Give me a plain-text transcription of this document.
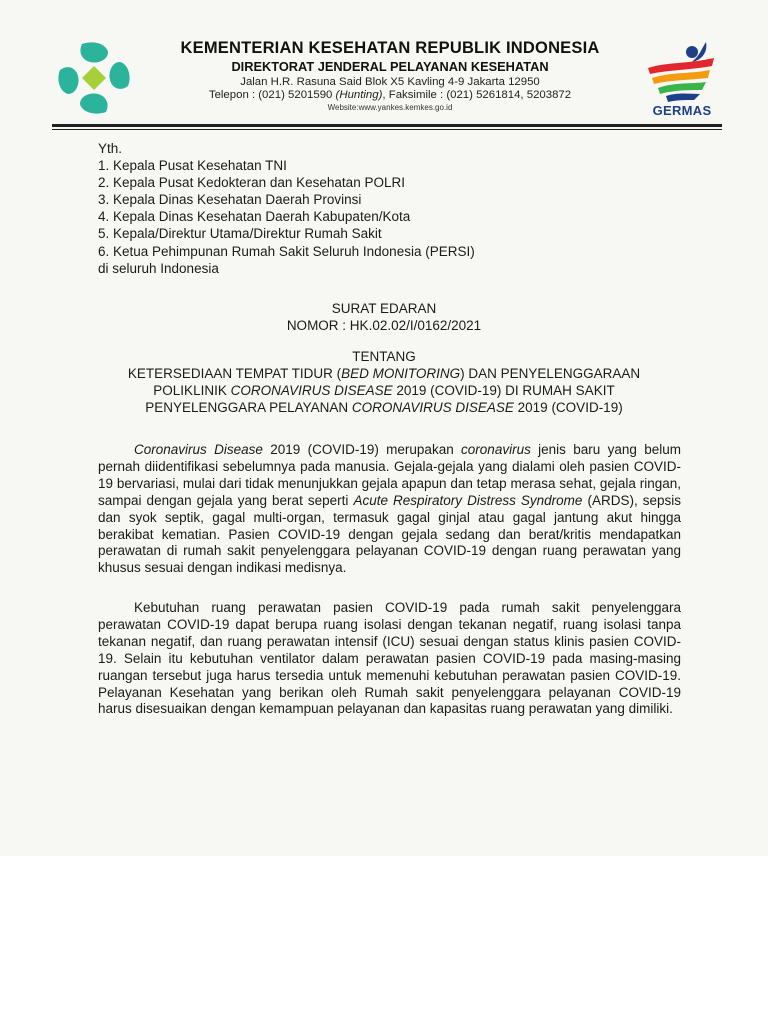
KEMENTERIAN KESEHATAN REPUBLIK INDONESIA
DIREKTORAT JENDERAL PELAYANAN KESEHATAN
Jalan H.R. Rasuna Said Blok X5 Kavling 4-9 Jakarta 12950
Telepon : (021) 5201590 (Hunting), Faksimile : (021) 5261814, 5203872
Website:www.yankes.kemkes.go.id	GERMAS
Yth.
1. Kepala Pusat Kesehatan TNI
2. Kepala Pusat Kedokteran dan Kesehatan POLRI
3. Kepala Dinas Kesehatan Daerah Provinsi
4. Kepala Dinas Kesehatan Daerah Kabupaten/Kota
5. Kepala/Direktur Utama/Direktur Rumah Sakit
6. Ketua Pehimpunan Rumah Sakit Seluruh Indonesia (PERSI)
di seluruh Indonesia
SURAT EDARAN
NOMOR : HK.02.02/I/0162/2021
TENTANG
KETERSEDIAAN TEMPAT TIDUR (BED MONITORING) DAN PENYELENGGARAAN
POLIKLINIK CORONAVIRUS DISEASE 2019 (COVID-19) DI RUMAH SAKIT
PENYELENGGARA PELAYANAN CORONAVIRUS DISEASE 2019 (COVID-19)
Coronavirus Disease 2019 (COVID-19) merupakan coronavirus jenis baru yang belum pernah diidentifikasi sebelumnya pada manusia. Gejala-gejala yang dialami oleh pasien COVID-19 bervariasi, mulai dari tidak menunjukkan gejala apapun dan tetap merasa sehat, gejala ringan, sampai dengan gejala yang berat seperti Acute Respiratory Distress Syndrome (ARDS), sepsis dan syok septik, gagal multi-organ, termasuk gagal ginjal atau gagal jantung akut hingga berakibat kematian. Pasien COVID-19 dengan gejala sedang dan berat/kritis mendapatkan perawatan di rumah sakit penyelenggara pelayanan COVID-19 dengan ruang perawatan yang khusus sesuai dengan indikasi medisnya.
Kebutuhan ruang perawatan pasien COVID-19 pada rumah sakit penyelenggara perawatan COVID-19 dapat berupa ruang isolasi dengan tekanan negatif, ruang isolasi tanpa tekanan negatif, dan ruang perawatan intensif (ICU) sesuai dengan status klinis pasien COVID-19. Selain itu kebutuhan ventilator dalam perawatan pasien COVID-19 pada masing-masing ruangan tersebut juga harus tersedia untuk memenuhi kebutuhan perawatan pasien COVID-19. Pelayanan Kesehatan yang berikan oleh Rumah sakit penyelenggara pelayanan COVID-19 harus disesuaikan dengan kemampuan pelayanan dan kapasitas ruang perawatan yang dimiliki.
